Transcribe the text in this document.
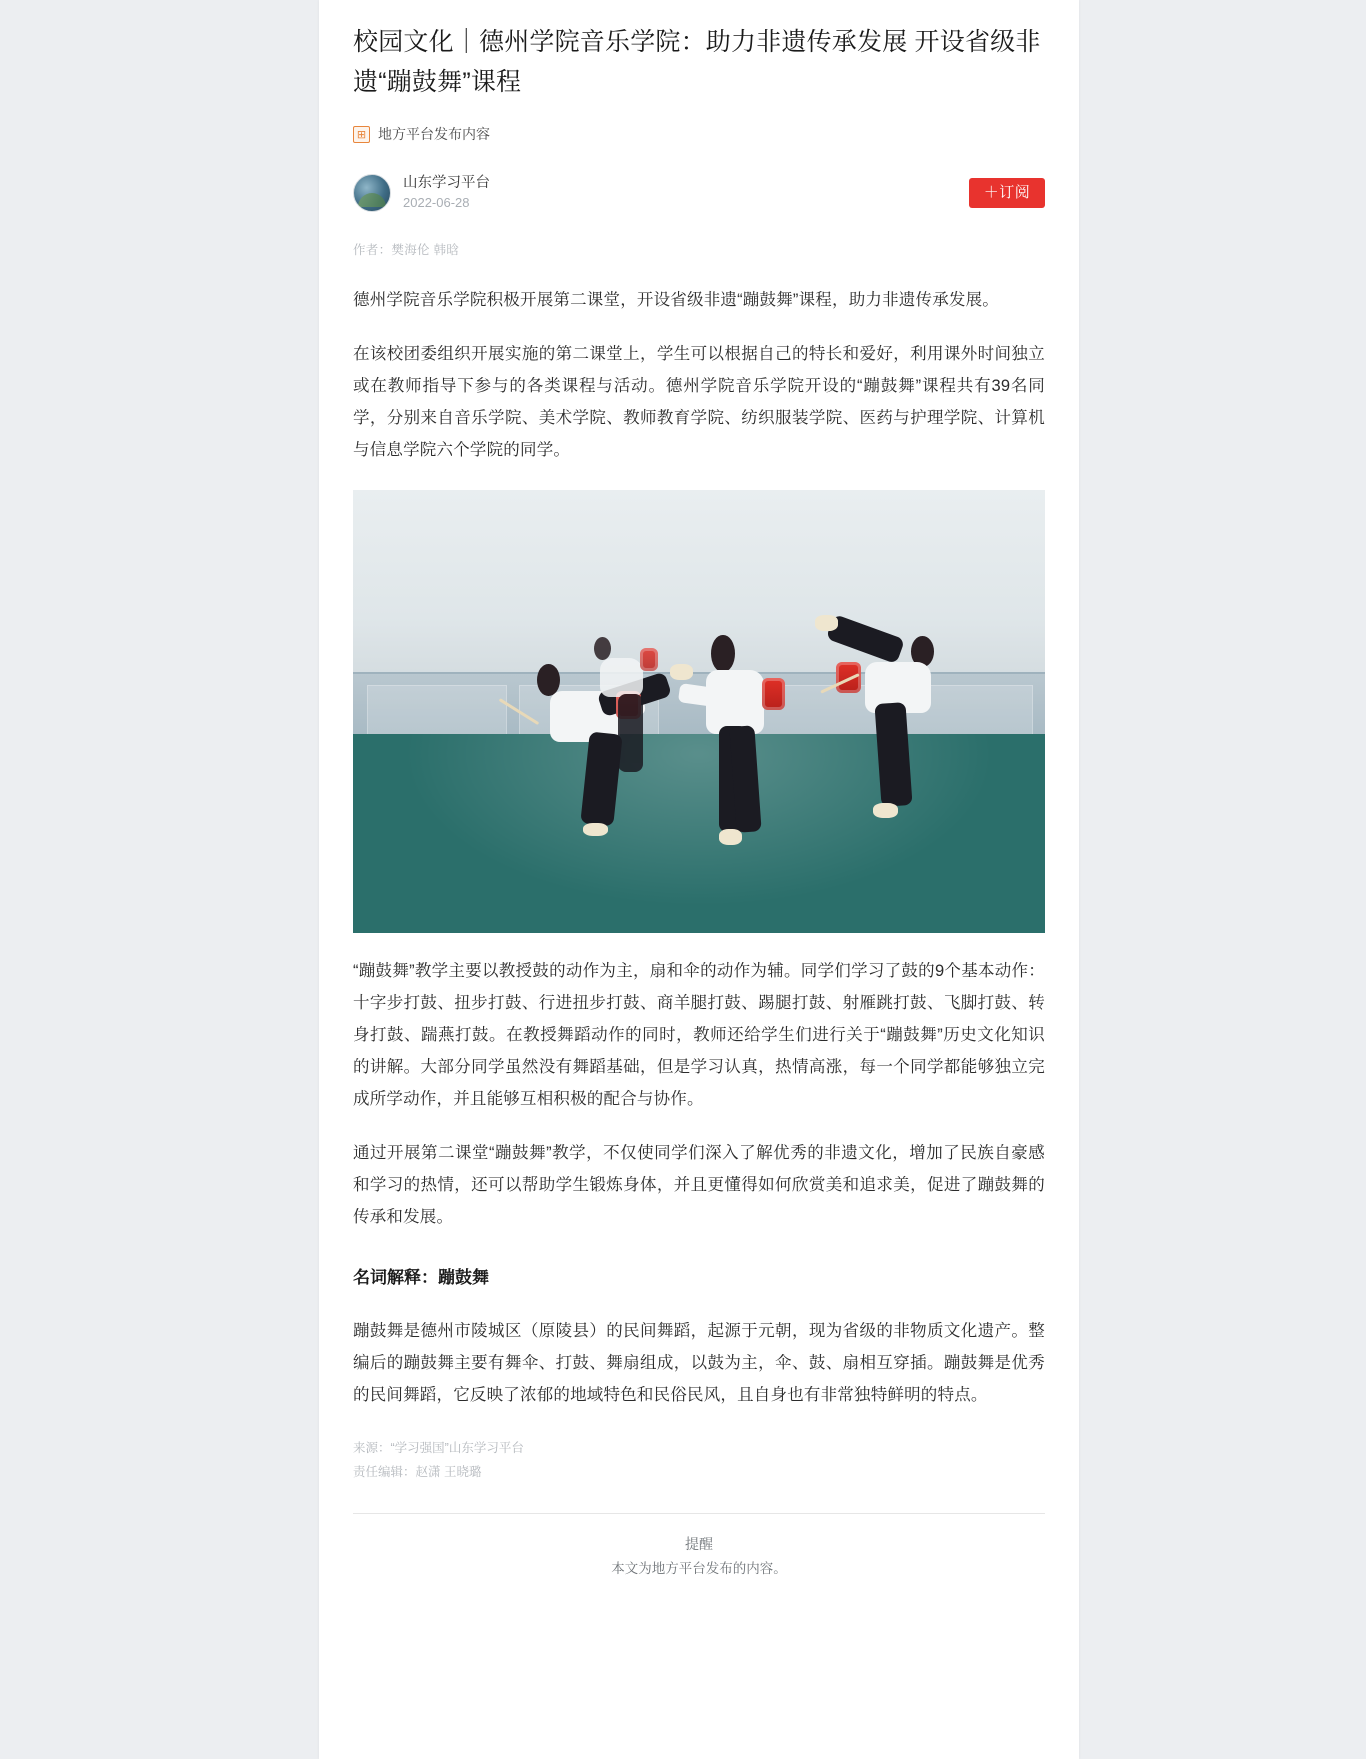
校园文化｜德州学院音乐学院：助力非遗传承发展 开设省级非遗“蹦鼓舞”课程
⊞ 地方平台发布内容
山东学习平台
2022-06-28
＋订阅
作者：樊海伦 韩晗

德州学院音乐学院积极开展第二课堂，开设省级非遗“蹦鼓舞”课程，助力非遗传承发展。

在该校团委组织开展实施的第二课堂上，学生可以根据自己的特长和爱好，利用课外时间独立或在教师指导下参与的各类课程与活动。德州学院音乐学院开设的“蹦鼓舞”课程共有39名同学，分别来自音乐学院、美术学院、教师教育学院、纺织服装学院、医药与护理学院、计算机与信息学院六个学院的同学。

“蹦鼓舞”教学主要以教授鼓的动作为主，扇和伞的动作为辅。同学们学习了鼓的9个基本动作：十字步打鼓、扭步打鼓、行进扭步打鼓、商羊腿打鼓、踢腿打鼓、射雁跳打鼓、飞脚打鼓、转身打鼓、踹燕打鼓。在教授舞蹈动作的同时，教师还给学生们进行关于“蹦鼓舞”历史文化知识的讲解。大部分同学虽然没有舞蹈基础，但是学习认真，热情高涨，每一个同学都能够独立完成所学动作，并且能够互相积极的配合与协作。

通过开展第二课堂“蹦鼓舞”教学，不仅使同学们深入了解优秀的非遗文化，增加了民族自豪感和学习的热情，还可以帮助学生锻炼身体，并且更懂得如何欣赏美和追求美，促进了蹦鼓舞的传承和发展。

名词解释：蹦鼓舞

蹦鼓舞是德州市陵城区（原陵县）的民间舞蹈，起源于元朝，现为省级的非物质文化遗产。整编后的蹦鼓舞主要有舞伞、打鼓、舞扇组成，以鼓为主，伞、鼓、扇相互穿插。蹦鼓舞是优秀的民间舞蹈，它反映了浓郁的地域特色和民俗民风，且自身也有非常独特鲜明的特点。

来源：“学习强国”山东学习平台
责任编辑：赵潇 王晓璐
提醒
本文为地方平台发布的内容。
